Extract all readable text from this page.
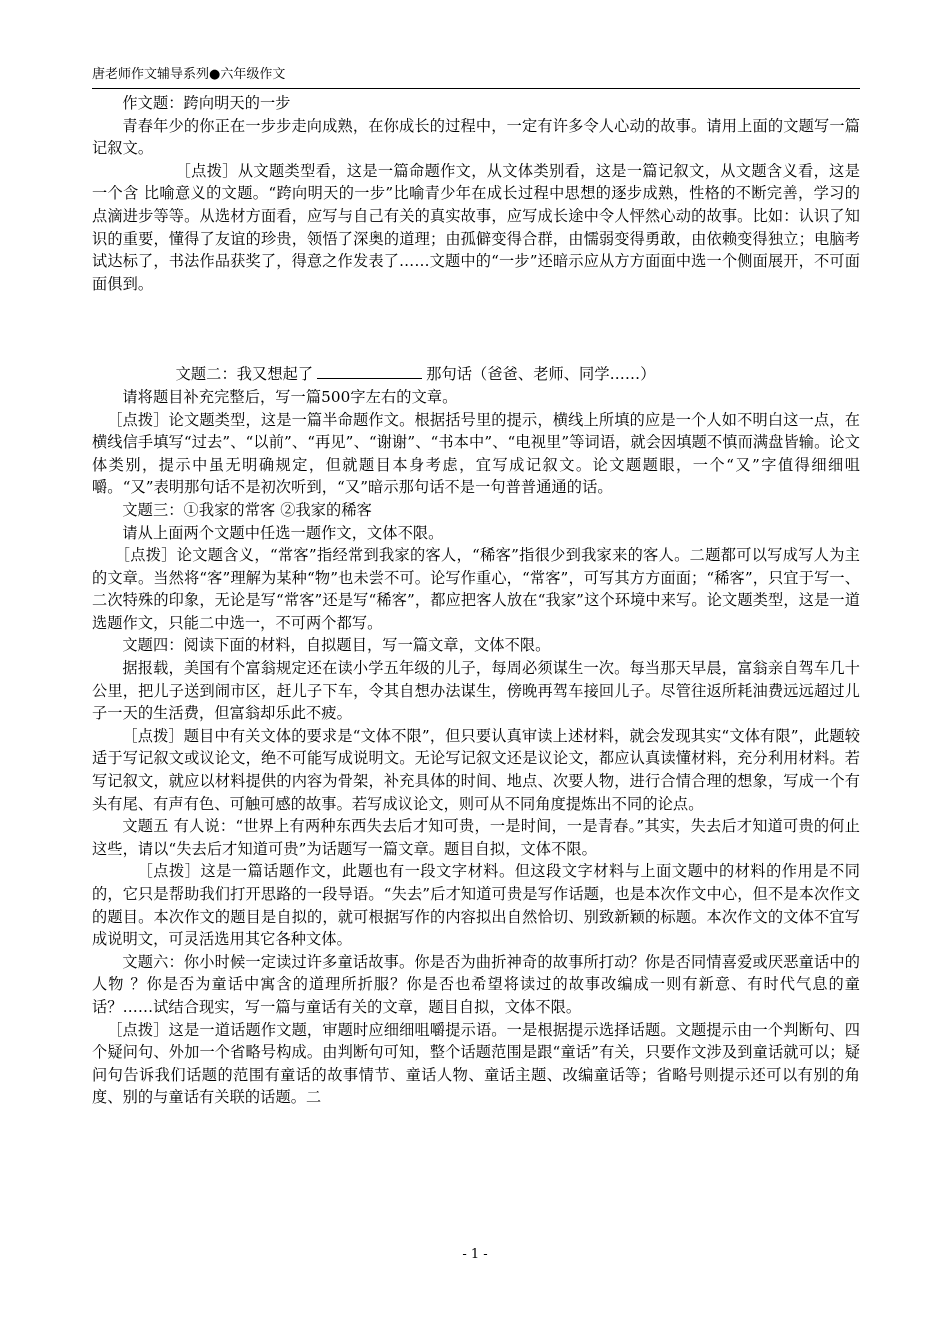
唐老师作文辅导系列●六年级作文

作文题：跨向明天的一步

青春年少的你正在一步步走向成熟，在你成长的过程中，一定有许多令人心动的故事。请用上面的文题写一篇记叙文。

［点拨］从文题类型看，这是一篇命题作文，从文体类别看，这是一篇记叙文，从文题含义看，这是一个含 比喻意义的文题。“跨向明天的一步”比喻青少年在成长过程中思想的逐步成熟，性格的不断完善，学习的点滴进步等等。从选材方面看，应写与自己有关的真实故事，应写成长途中令人怦然心动的故事。比如：认识了知识的重要，懂得了友谊的珍贵，领悟了深奥的道理；由孤僻变得合群，由懦弱变得勇敢，由依赖变得独立；电脑考试达标了，书法作品获奖了，得意之作发表了……文题中的“一步”还暗示应从方方面面中选一个侧面展开，不可面面俱到。

文题二：我又想起了	那句话（爸爸、老师、同学……）

请将题目补充完整后，写一篇500字左右的文章。

［点拨］论文题类型，这是一篇半命题作文。根据括号里的提示，横线上所填的应是一个人如不明白这一点，在横线信手填写“过去”、“以前”、“再见”、“谢谢”、“书本中”、“电视里”等词语，就会因填题不慎而满盘皆输。论文体类别，提示中虽无明确规定，但就题目本身考虑，宜写成记叙文。论文题题眼，一个“又”字值得细细咀嚼。“又”表明那句话不是初次听到，“又”暗示那句话不是一句普普通通的话。

文题三：①我家的常客 ②我家的稀客

请从上面两个文题中任选一题作文，文体不限。

［点拨］论文题含义，“常客”指经常到我家的客人，“稀客”指很少到我家来的客人。二题都可以写成写人为主的文章。当然将“客”理解为某种“物”也未尝不可。论写作重心，“常客”，可写其方方面面；“稀客”，只宜于写一、二次特殊的印象，无论是写“常客”还是写“稀客”，都应把客人放在“我家”这个环境中来写。论文题类型，这是一道选题作文，只能二中选一，不可两个都写。

文题四：阅读下面的材料，自拟题目，写一篇文章，文体不限。

据报载，美国有个富翁规定还在读小学五年级的儿子，每周必须谋生一次。每当那天早晨，富翁亲自驾车几十公里，把儿子送到闹市区，赶儿子下车，令其自想办法谋生，傍晚再驾车接回儿子。尽管往返所耗油费远远超过儿子一天的生活费，但富翁却乐此不疲。

［点拨］题目中有关文体的要求是“文体不限”，但只要认真审读上述材料，就会发现其实“文体有限”，此题较适于写记叙文或议论文，绝不可能写成说明文。无论写记叙文还是议论文，都应认真读懂材料，充分利用材料。若写记叙文，就应以材料提供的内容为骨架，补充具体的时间、地点、次要人物，进行合情合理的想象，写成一个有头有尾、有声有色、可触可感的故事。若写成议论文，则可从不同角度提炼出不同的论点。

文题五 有人说：“世界上有两种东西失去后才知可贵，一是时间，一是青春。”其实，失去后才知道可贵的何止这些，请以“失去后才知道可贵”为话题写一篇文章。题目自拟，文体不限。

［点拨］这是一篇话题作文，此题也有一段文字材料。但这段文字材料与上面文题中的材料的作用是不同的，它只是帮助我们打开思路的一段导语。“失去”后才知道可贵是写作话题，也是本次作文中心，但不是本次作文的题目。本次作文的题目是自拟的，就可根据写作的内容拟出自然恰切、别致新颖的标题。本次作文的文体不宜写成说明文，可灵活选用其它各种文体。

文题六：你小时候一定读过许多童话故事。你是否为曲折神奇的故事所打动？你是否同情喜爱或厌恶童话中的人物 ？你是否为童话中寓含的道理所折服？你是否也希望将读过的故事改编成一则有新意、有时代气息的童话？……试结合现实，写一篇与童话有关的文章，题目自拟，文体不限。

［点拨］这是一道话题作文题，审题时应细细咀嚼提示语。一是根据提示选择话题。文题提示由一个判断句、四个疑问句、外加一个省略号构成。由判断句可知，整个话题范围是跟“童话”有关，只要作文涉及到童话就可以；疑问句告诉我们话题的范围有童话的故事情节、童话人物、童话主题、改编童话等；省略号则提示还可以有别的角度、别的与童话有关联的话题。二

- 1 -
